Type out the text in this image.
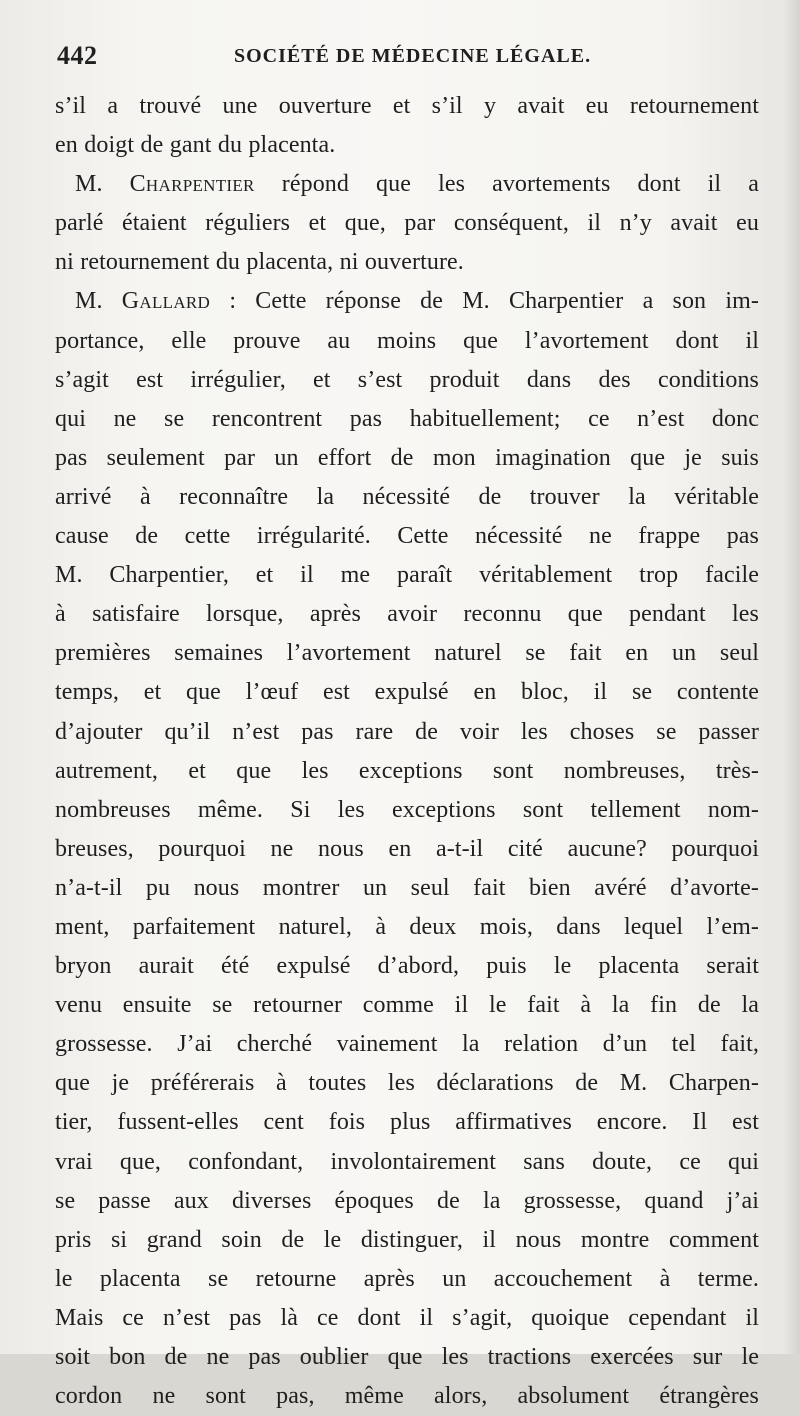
442	SOCIÉTÉ DE MÉDECINE LÉGALE.

s’il a trouvé une ouverture et s’il y avait eu retournement

en doigt de gant du placenta.

M. Charpentier répond que les avortements dont il a

parlé étaient réguliers et que, par conséquent, il n’y avait eu

ni retournement du placenta, ni ouverture.

M. Gallard : Cette réponse de M. Charpentier a son im-

portance, elle prouve au moins que l’avortement dont il

s’agit est irrégulier, et s’est produit dans des conditions

qui ne se rencontrent pas habituellement; ce n’est donc

pas seulement par un effort de mon imagination que je suis

arrivé à reconnaître la nécessité de trouver la véritable

cause de cette irrégularité. Cette nécessité ne frappe pas

M. Charpentier, et il me paraît véritablement trop facile

à satisfaire lorsque, après avoir reconnu que pendant les

premières semaines l’avortement naturel se fait en un seul

temps, et que l’œuf est expulsé en bloc, il se contente

d’ajouter qu’il n’est pas rare de voir les choses se passer

autrement, et que les exceptions sont nombreuses, très-

nombreuses même. Si les exceptions sont tellement nom-

breuses, pourquoi ne nous en a-t-il cité aucune? pourquoi

n’a-t-il pu nous montrer un seul fait bien avéré d’avorte-

ment, parfaitement naturel, à deux mois, dans lequel l’em-

bryon aurait été expulsé d’abord, puis le placenta serait

venu ensuite se retourner comme il le fait à la fin de la

grossesse. J’ai cherché vainement la relation d’un tel fait,

que je préférerais à toutes les déclarations de M. Charpen-

tier, fussent-elles cent fois plus affirmatives encore. Il est

vrai que, confondant, involontairement sans doute, ce qui

se passe aux diverses époques de la grossesse, quand j’ai

pris si grand soin de le distinguer, il nous montre comment

le placenta se retourne après un accouchement à terme.

Mais ce n’est pas là ce dont il s’agit, quoique cependant il

soit bon de ne pas oublier que les tractions exercées sur le

cordon ne sont pas, même alors, absolument étrangères
